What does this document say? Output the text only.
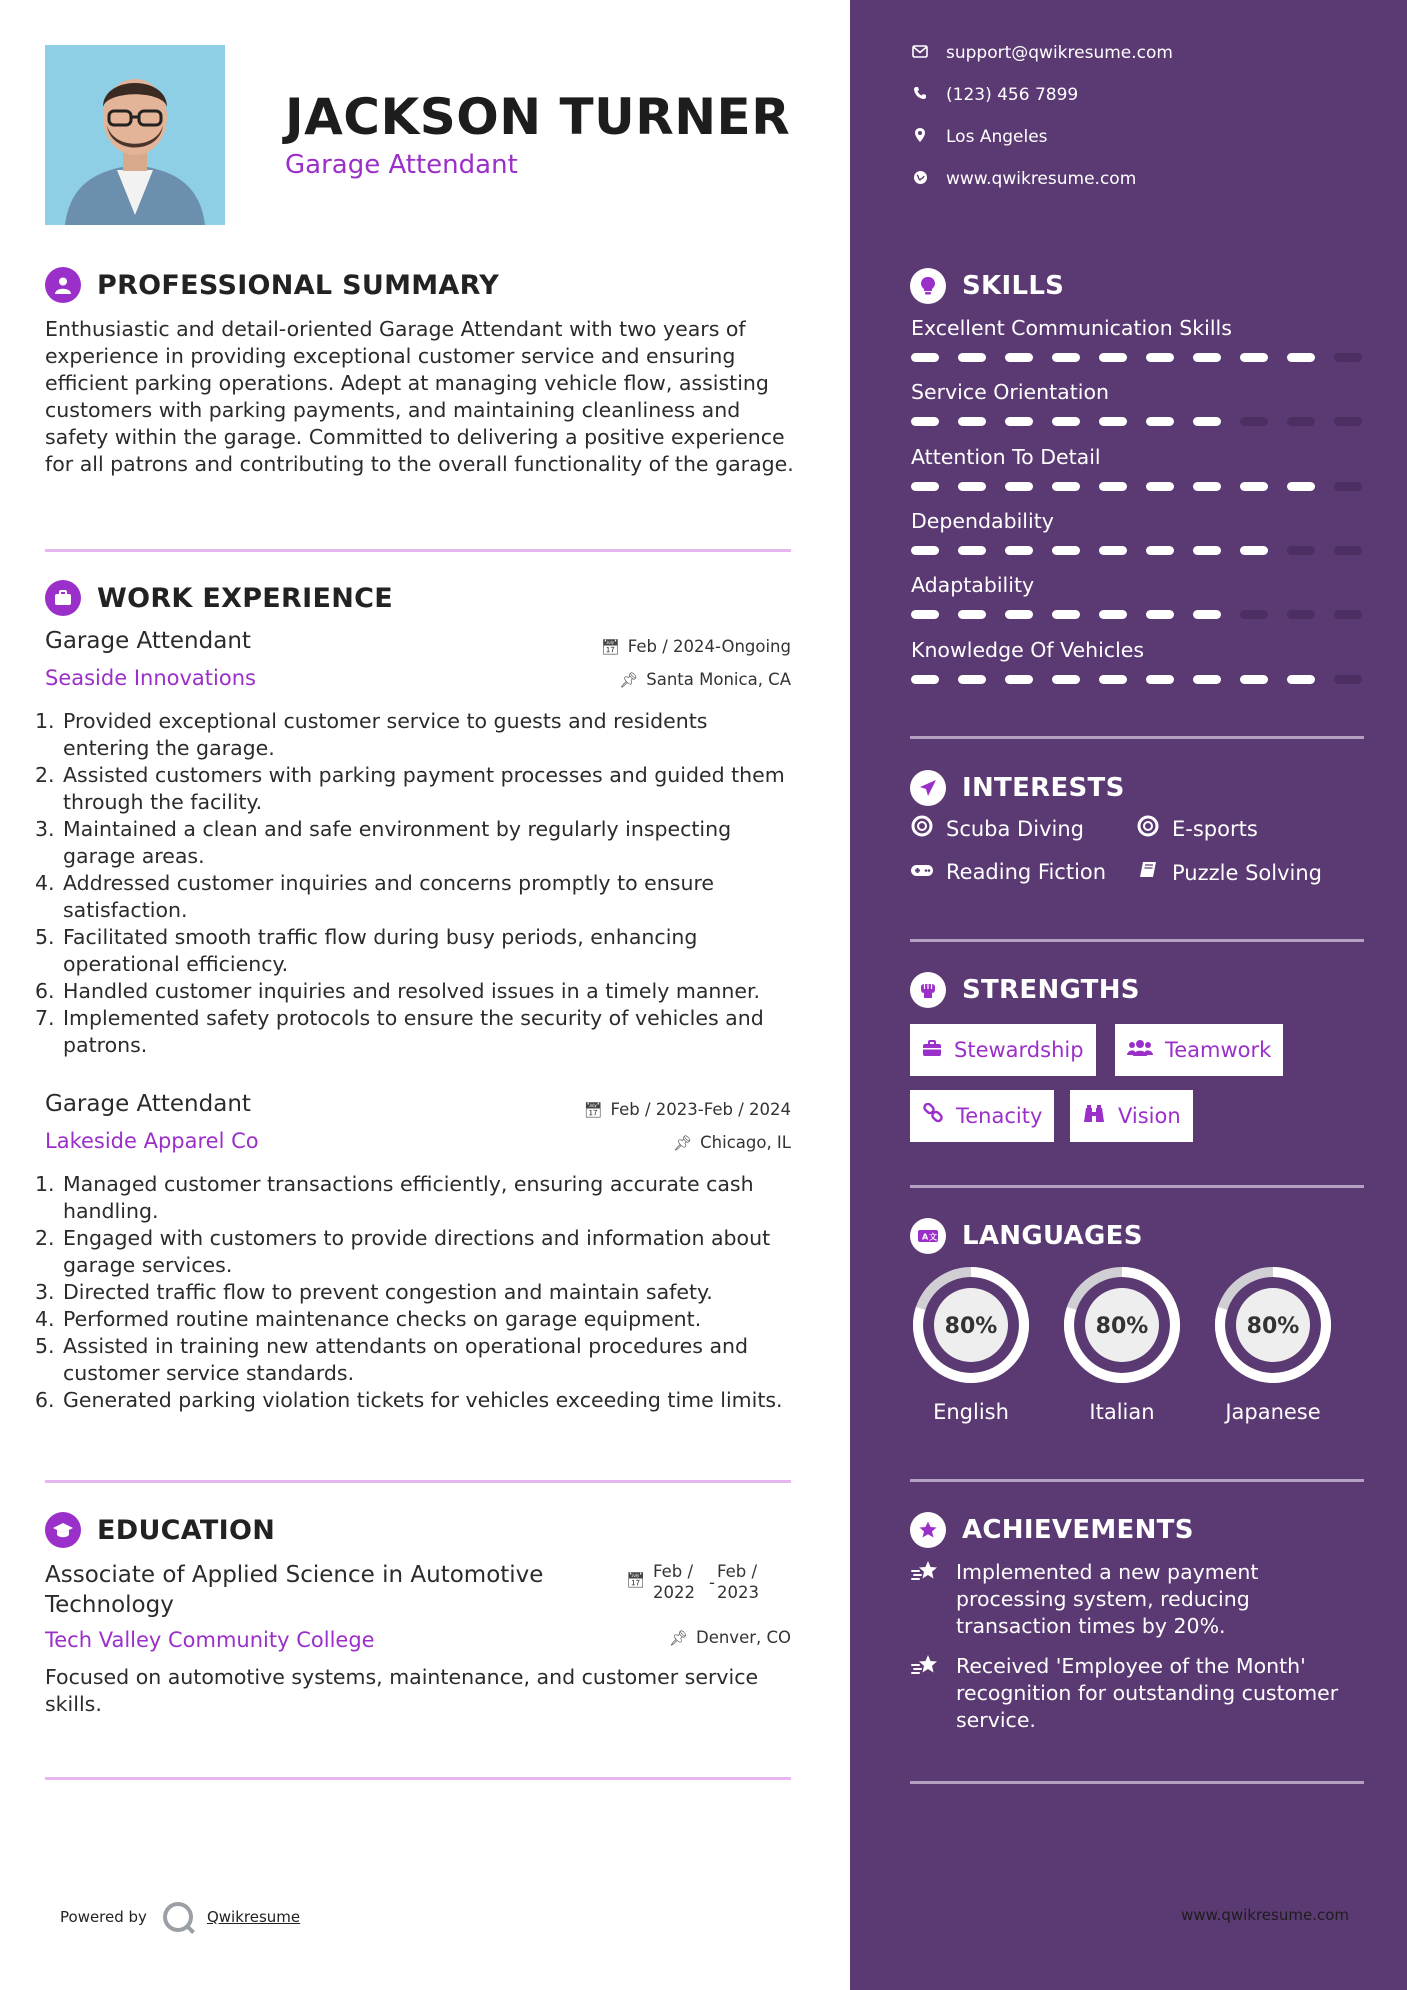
JACKSON TURNER
Garage Attendant
PROFESSIONAL SUMMARY
Enthusiastic and detail-oriented Garage Attendant with two years of experience in providing exceptional customer service and ensuring efficient parking operations. Adept at managing vehicle flow, assisting customers with parking payments, and maintaining cleanliness and safety within the garage. Committed to delivering a positive experience for all patrons and contributing to the overall functionality of the garage.
WORK EXPERIENCE
Garage Attendant	📅︎ Feb / 2024-Ongoing
Seaside Innovations	📌︎ Santa Monica, CA
1. Provided exceptional customer service to guests and residents entering the garage.
2. Assisted customers with parking payment processes and guided them through the facility.
3. Maintained a clean and safe environment by regularly inspecting garage areas.
4. Addressed customer inquiries and concerns promptly to ensure satisfaction.
5. Facilitated smooth traffic flow during busy periods, enhancing operational efficiency.
6. Handled customer inquiries and resolved issues in a timely manner.
7. Implemented safety protocols to ensure the security of vehicles and patrons.
Garage Attendant	📅︎ Feb / 2023-Feb / 2024
Lakeside Apparel Co	📌︎ Chicago, IL
1. Managed customer transactions efficiently, ensuring accurate cash handling.
2. Engaged with customers to provide directions and information about garage services.
3. Directed traffic flow to prevent congestion and maintain safety.
4. Performed routine maintenance checks on garage equipment.
5. Assisted in training new attendants on operational procedures and customer service standards.
6. Generated parking violation tickets for vehicles exceeding time limits.
EDUCATION
Associate of Applied Science in Automotive Technology
📅︎ Feb / 2022
-
Feb / 2023
Tech Valley Community College	📌︎ Denver, CO
Focused on automotive systems, maintenance, and customer service skills.
Powered by	Qwikresume
support@qwikresume.com
(123) 456 7899
Los Angeles
www.qwikresume.com
SKILLS
Excellent Communication Skills
Service Orientation
Attention To Detail
Dependability
Adaptability
Knowledge Of Vehicles
INTERESTS
Scuba Diving	E-sports
Reading Fiction	Puzzle Solving
STRENGTHS
Stewardship	Teamwork
Tenacity	Vision
A 文 LANGUAGES
80%
English
80%
Italian
80%
Japanese
ACHIEVEMENTS
Implemented a new payment processing system, reducing transaction times by 20%.
Received 'Employee of the Month' recognition for outstanding customer service.
www.qwikresume.com
